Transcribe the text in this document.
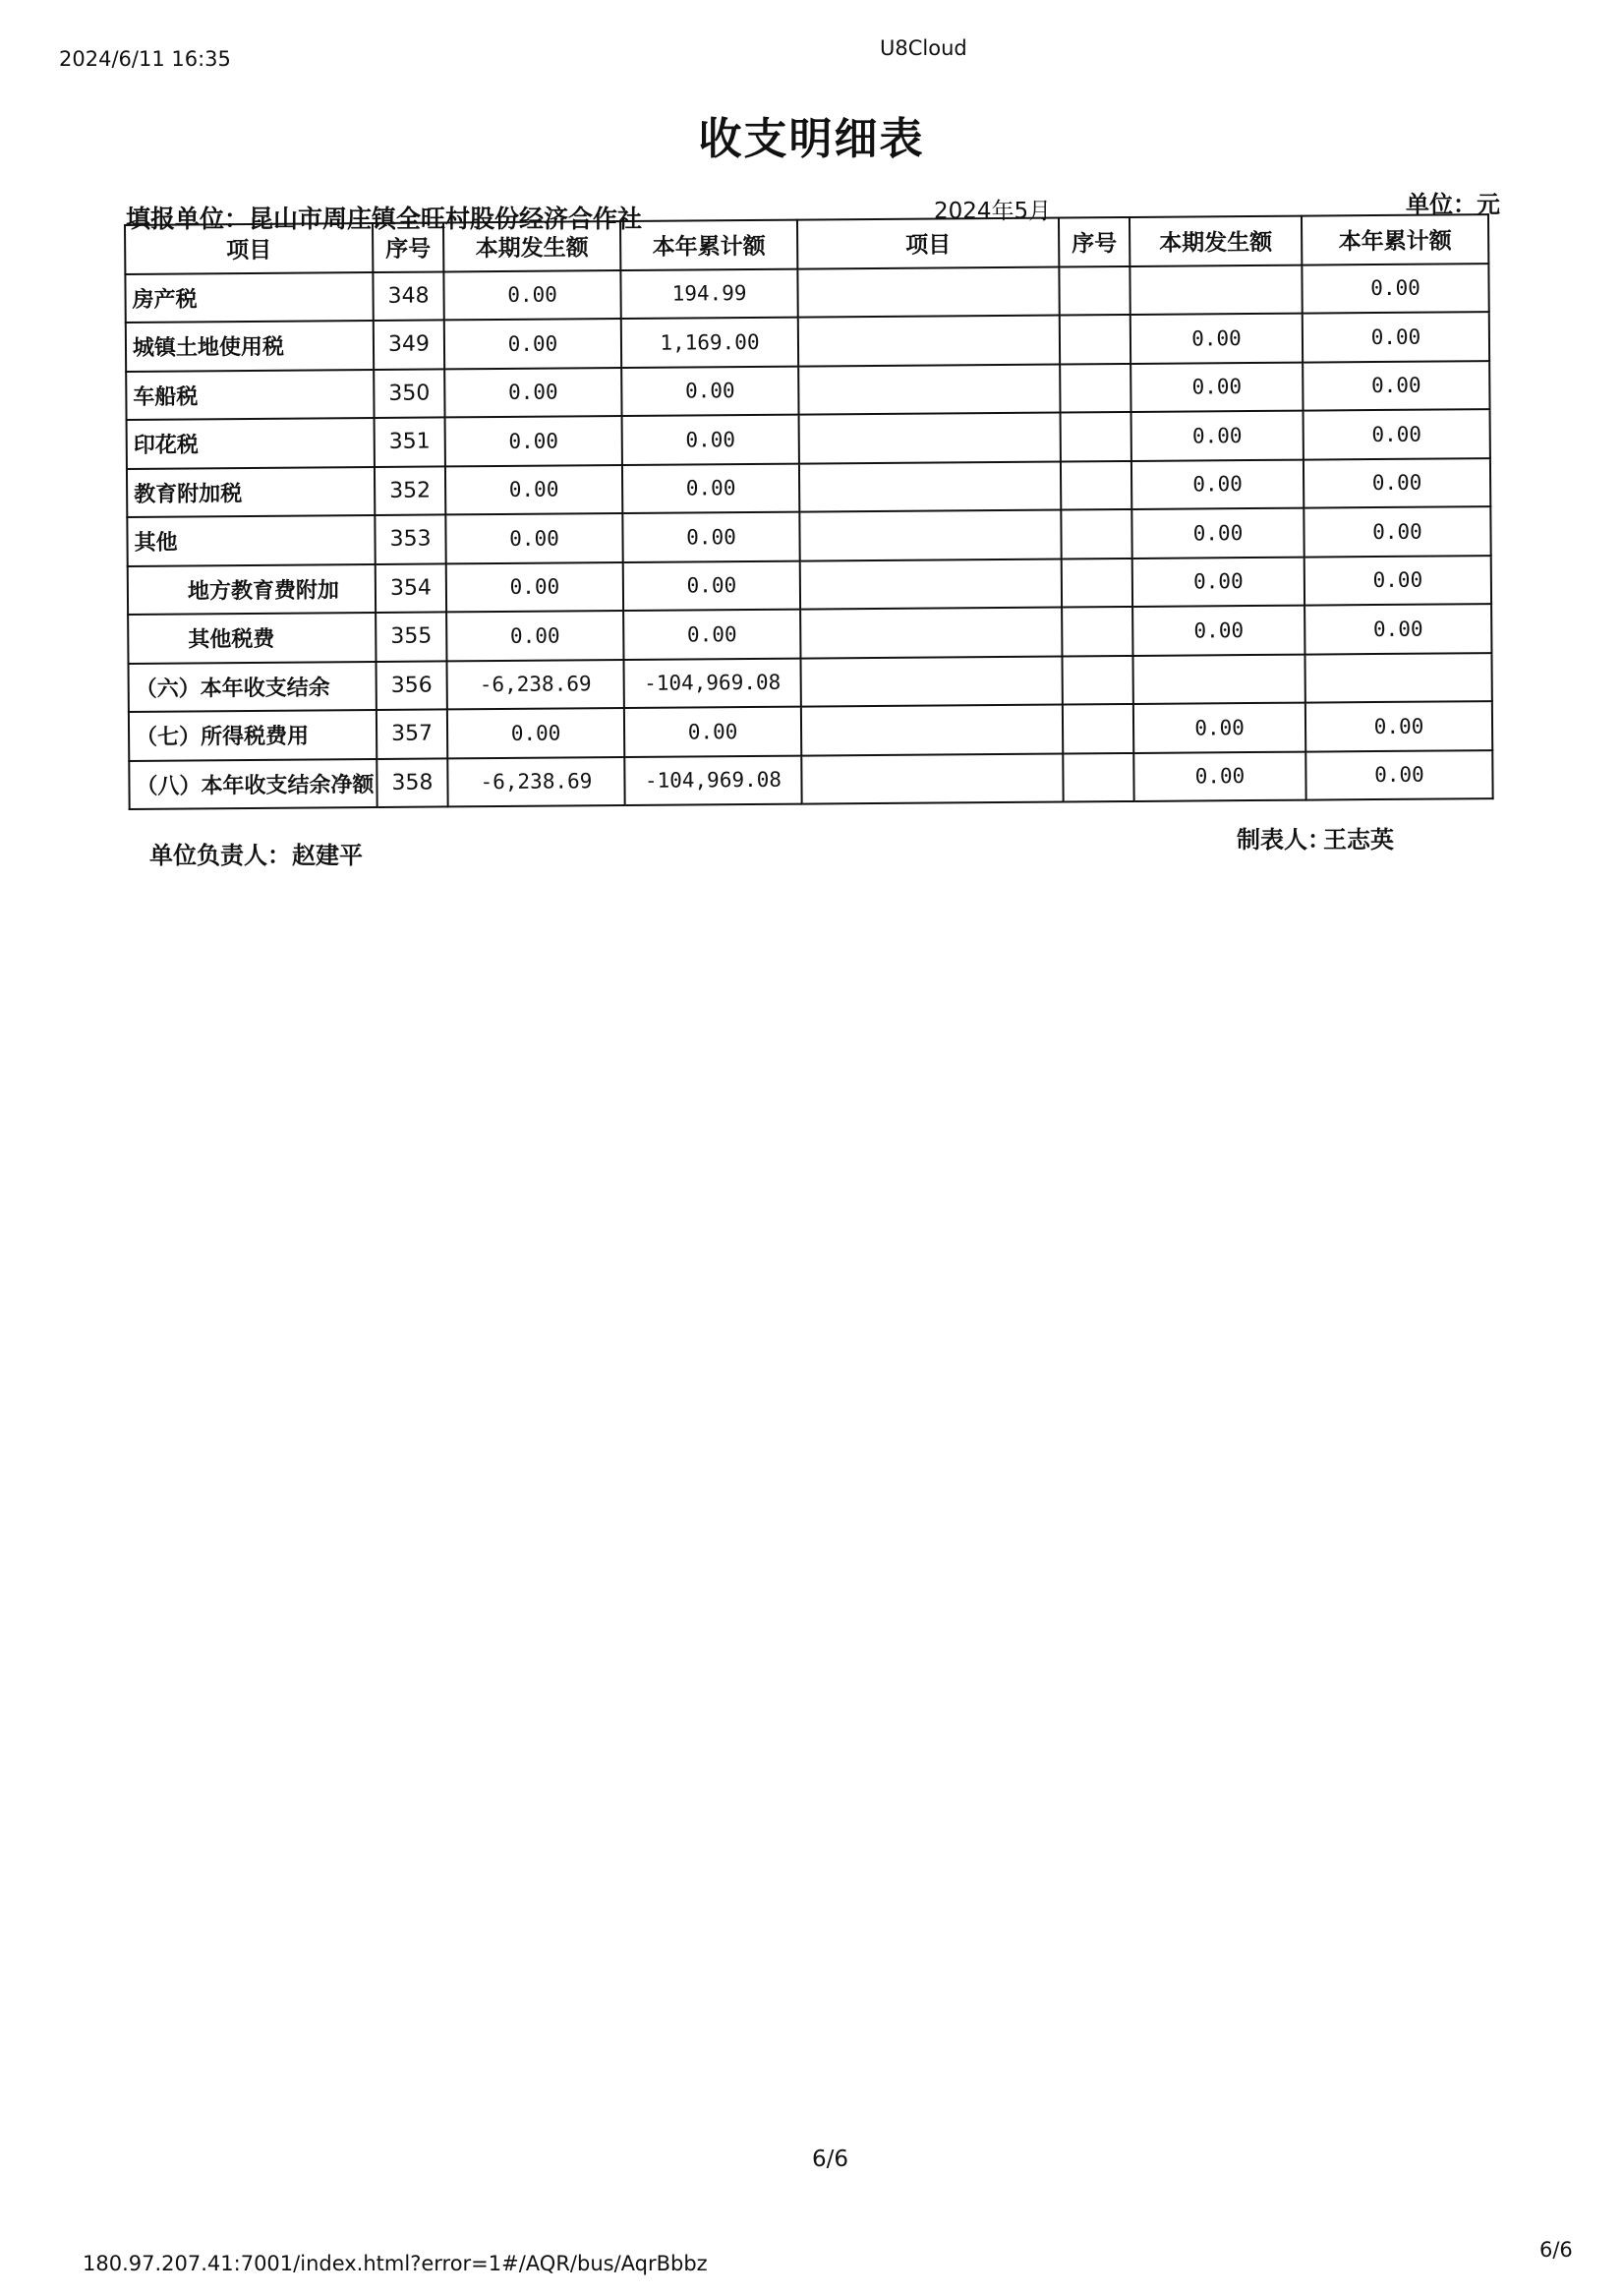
2024/6/11 16:35	U8Cloud
收支明细表
填报单位：昆山市周庄镇全旺村股份经济合作社	2024年5月	单位：元
项目	序号	本期发生额	本年累计额	项目	序号	本期发生额	本年累计额
房产税	348	0.00	194.99				0.00
城镇土地使用税	349	0.00	1,169.00			0.00	0.00
车船税	350	0.00	0.00			0.00	0.00
印花税	351	0.00	0.00			0.00	0.00
教育附加税	352	0.00	0.00			0.00	0.00
其他	353	0.00	0.00			0.00	0.00
地方教育费附加	354	0.00	0.00			0.00	0.00
其他税费	355	0.00	0.00			0.00	0.00
（六）本年收支结余	356	-6,238.69	-104,969.08				
（七）所得税费用	357	0.00	0.00			0.00	0.00
（八）本年收支结余净额	358	-6,238.69	-104,969.08			0.00	0.00
单位负责人： 赵建平
制表人：
王志英
6/6
180.97.207.41:7001/index.html?error=1#/AQR/bus/AqrBbbz
6/6
